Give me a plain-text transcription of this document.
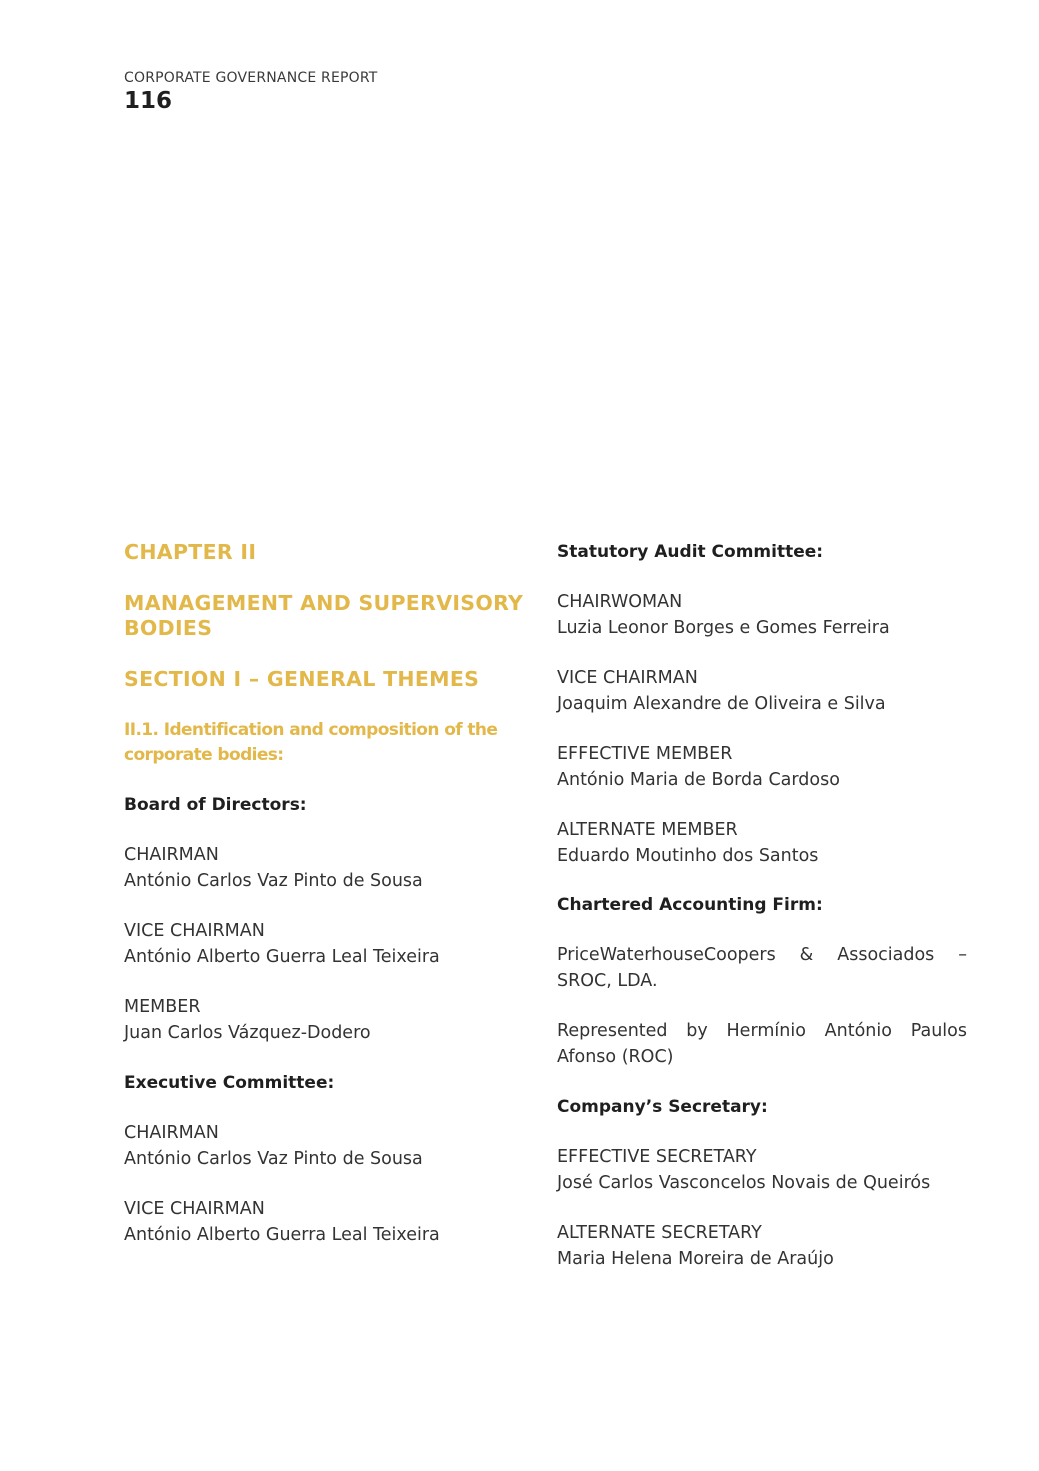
CORPORATE GOVERNANCE REPORT
116
CHAPTER II
MANAGEMENT AND SUPERVISORY BODIES
SECTION I – GENERAL THEMES
II.1. Identification and composition of the corporate bodies:
Board of Directors:
CHAIRMAN
António Carlos Vaz Pinto de Sousa
VICE CHAIRMAN
António Alberto Guerra Leal Teixeira
MEMBER
Juan Carlos Vázquez-Dodero
Executive Committee:
CHAIRMAN
António Carlos Vaz Pinto de Sousa
VICE CHAIRMAN
António Alberto Guerra Leal Teixeira
Statutory Audit Committee:
CHAIRWOMAN
Luzia Leonor Borges e Gomes Ferreira
VICE CHAIRMAN
Joaquim Alexandre de Oliveira e Silva
EFFECTIVE MEMBER
António Maria de Borda Cardoso
ALTERNATE MEMBER
Eduardo Moutinho dos Santos
Chartered Accounting Firm:
PriceWaterhouseCoopers & Associados – SROC, LDA.
Represented by Hermínio António Paulos Afonso (ROC)
Company’s Secretary:
EFFECTIVE SECRETARY
José Carlos Vasconcelos Novais de Queirós
ALTERNATE SECRETARY
Maria Helena Moreira de Araújo
